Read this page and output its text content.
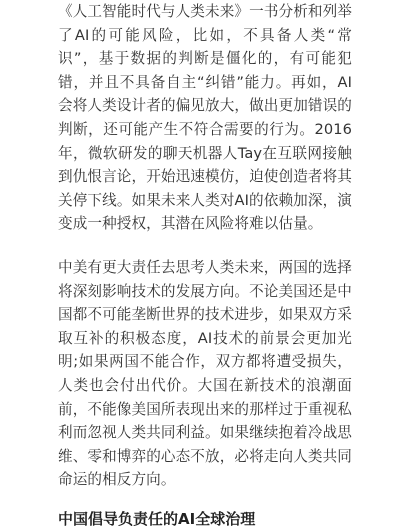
《人工智能时代与人类未来》一书分析和列举了AI的可能风险，比如，不具备人类“常识”，基于数据的判断是僵化的，有可能犯错，并且不具备自主“纠错”能力。再如，AI会将人类设计者的偏见放大，做出更加错误的判断，还可能产生不符合需要的行为。2016年，微软研发的聊天机器人Tay在互联网接触到仇恨言论，开始迅速模仿，迫使创造者将其关停下线。如果未来人类对AI的依赖加深，演变成一种授权，其潜在风险将难以估量。

中美有更大责任去思考人类未来，两国的选择将深刻影响技术的发展方向。不论美国还是中国都不可能垄断世界的技术进步，如果双方采取互补的积极态度，AI技术的前景会更加光明;如果两国不能合作，双方都将遭受损失，人类也会付出代价。大国在新技术的浪潮面前，不能像美国所表现出来的那样过于重视私利而忽视人类共同利益。如果继续抱着冷战思维、零和博弈的心态不放，必将走向人类共同命运的相反方向。

中国倡导负责任的AI全球治理
